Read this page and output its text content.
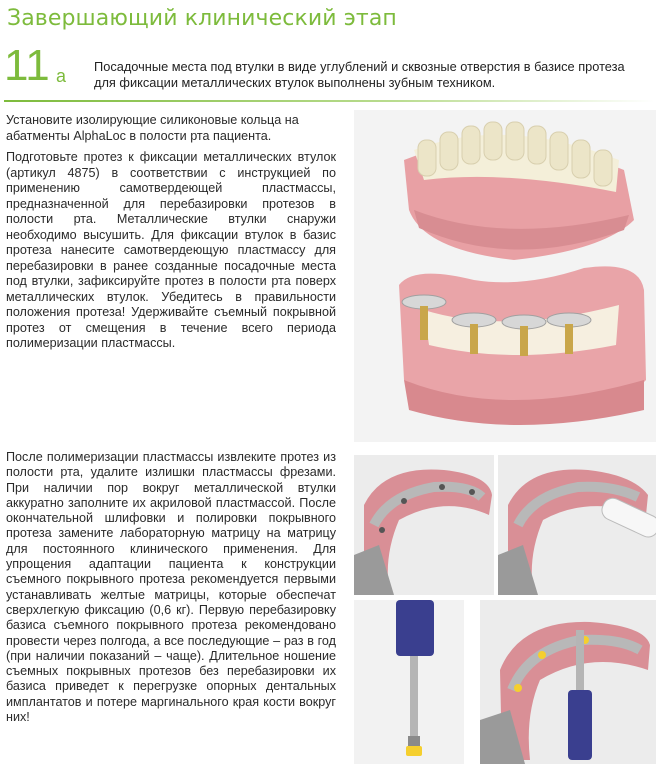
Завершающий клинический этап
11 a Посадочные места под втулки в виде углублений и сквозные отверстия в базисе протеза для фиксации металлических втулок выполнены зубным техником.
Установите изолирующие силиконовые кольца на абатменты AlphaLoc в полости рта пациента.
Подготовьте протез к фиксации металлических втулок (артикул 4875) в соответствии с инструкцией по применению самотвердеющей пластмассы, предназначенной для перебазировки протезов в полости рта. Металлические втулки снаружи необходимо высушить. Для фиксации втулок в базис протеза нанесите самотвердеющую пластмассу для перебазировки в ранее созданные посадочные места под втулки, зафиксируйте протез в полости рта поверх металлических втулок. Убедитесь в правильности положения протеза! Удерживайте съемный покрывной протез от смещения в течение всего периода полимеризации пластмассы.
После полимеризации пластмассы извлеките протез из полости рта, удалите излишки пластмассы фрезами. При наличии пор вокруг металлической втулки аккуратно заполните их акриловой пластмассой. После окончательной шлифовки и полировки покрывного протеза замените лабораторную матрицу на матрицу для постоянного клинического применения. Для упрощения адаптации пациента к конструкции съемного покрывного протеза рекомендуется первыми устанавливать желтые матрицы, которые обеспечат сверхлегкую фиксацию (0,6 кг). Первую перебазировку базиса съемного покрывного протеза рекомендовано провести через полгода, а все последующие – раз в год (при наличии показаний – чаще). Длительное ношение съемных покрывных протезов без перебазировки их базиса приведет к перегрузке опорных дентальных имплантатов и потере маргинального края кости вокруг них!
